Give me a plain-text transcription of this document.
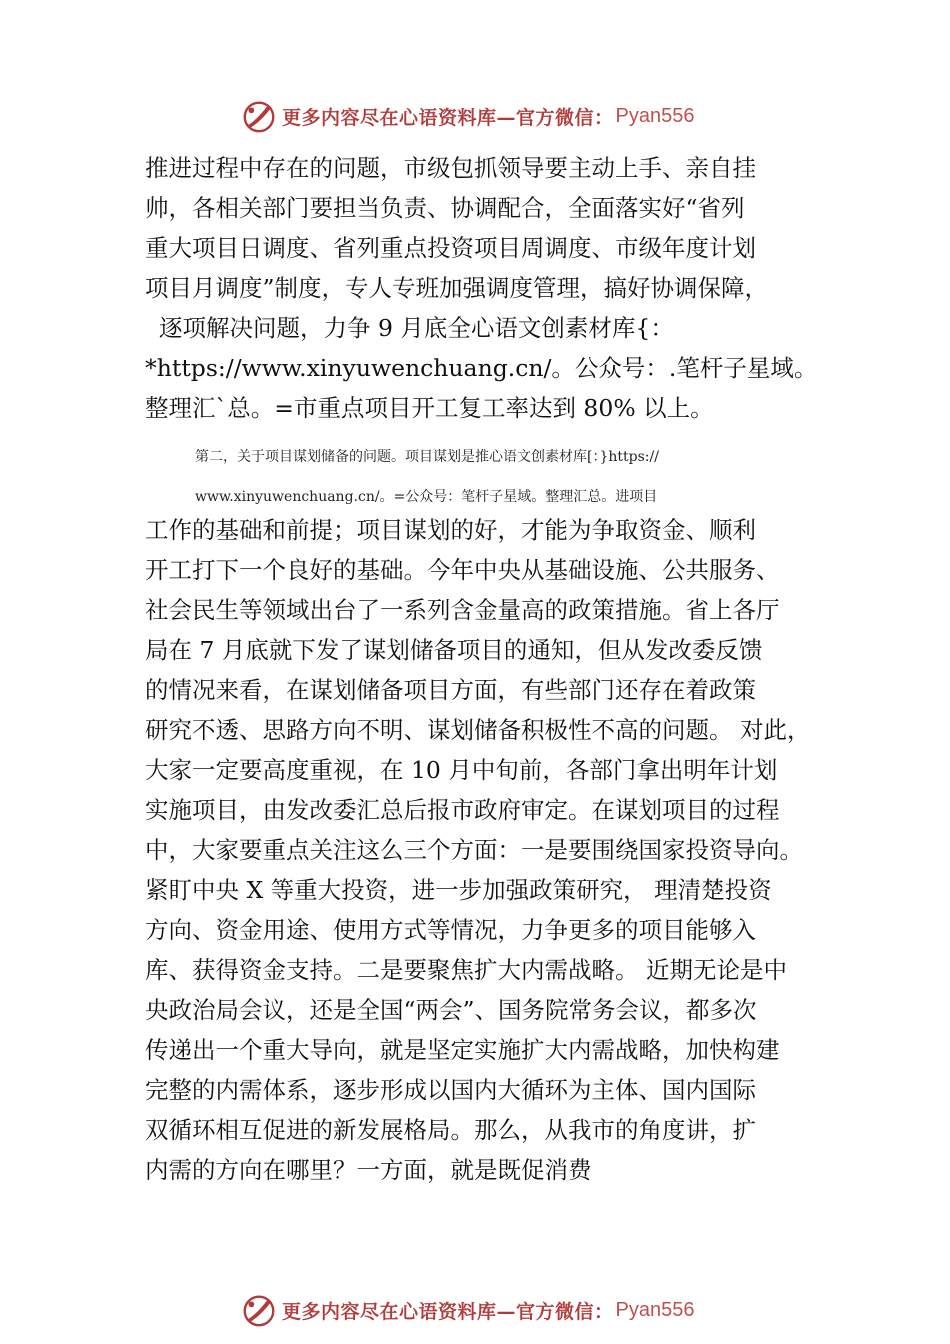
更多内容尽在心语资料库—官方微信： Pyan556
推进过程中存在的问题，市级包抓领导要主动上手、亲自挂
帅，各相关部门要担当负责、协调配合，全面落实好“省列
重大项目日调度、省列重点投资项目周调度、市级年度计划
项目月调度”制度，专人专班加强调度管理，搞好协调保障，
逐项解决问题，力争 9 月底全心语文创素材库{：
*https://www.xinyuwenchuang.cn/。公众号：.笔杆子星域。
整理汇`总。=市重点项目开工复工率达到 80% 以上。
第二，关于项目谋划储备的问题。项目谋划是推心语文创素材库[：}https://
www.xinyuwenchuang.cn/。=公众号：笔杆子星域。整理汇总。进项目
工作的基础和前提；项目谋划的好，才能为争取资金、顺利
开工打下一个良好的基础。今年中央从基础设施、公共服务、
社会民生等领域出台了一系列含金量高的政策措施。省上各厅
局在 7 月底就下发了谋划储备项目的通知，但从发改委反馈
的情况来看，在谋划储备项目方面，有些部门还存在着政策
研究不透、思路方向不明、谋划储备积极性不高的问题。 对此，
大家一定要高度重视，在 10 月中旬前，各部门拿出明年计划
实施项目，由发改委汇总后报市政府审定。在谋划项目的过程
中，大家要重点关注这么三个方面：一是要围绕国家投资导向。
紧盯中央 X 等重大投资，进一步加强政策研究， 理清楚投资
方向、资金用途、使用方式等情况，力争更多的项目能够入
库、获得资金支持。二是要聚焦扩大内需战略。 近期无论是中
央政治局会议，还是全国“两会”、国务院常务会议，都多次
传递出一个重大导向，就是坚定实施扩大内需战略，加快构建
完整的内需体系，逐步形成以国内大循环为主体、国内国际
双循环相互促进的新发展格局。那么，从我市的角度讲，扩
内需的方向在哪里？一方面，就是既促消费
更多内容尽在心语资料库—官方微信： Pyan556
